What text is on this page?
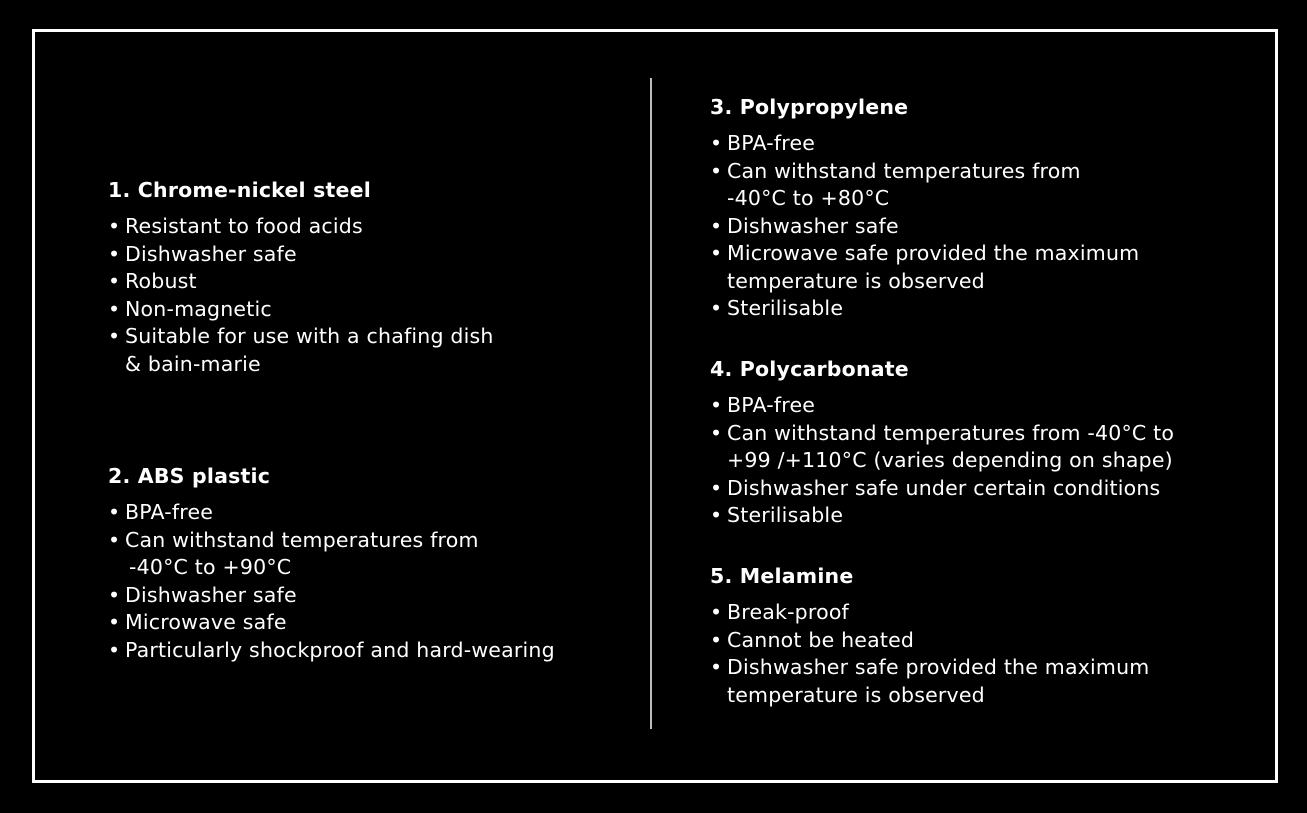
1. Chrome-nickel steel
• Resistant to food acids
• Dishwasher safe
• Robust
• Non-magnetic
• Suitable for use with a chafing dish
& bain-marie
2. ABS plastic
• BPA-free
• Can withstand temperatures from
-40°C to +90°C
• Dishwasher safe
• Microwave safe
• Particularly shockproof and hard-wearing
3. Polypropylene
• BPA-free
• Can withstand temperatures from
-40°C to +80°C
• Dishwasher safe
• Microwave safe provided the maximum
temperature is observed
• Sterilisable
4. Polycarbonate
• BPA-free
• Can withstand temperatures from -40°C to
+99 /+110°C (varies depending on shape)
• Dishwasher safe under certain conditions
• Sterilisable
5. Melamine
• Break-proof
• Cannot be heated
• Dishwasher safe provided the maximum
temperature is observed
